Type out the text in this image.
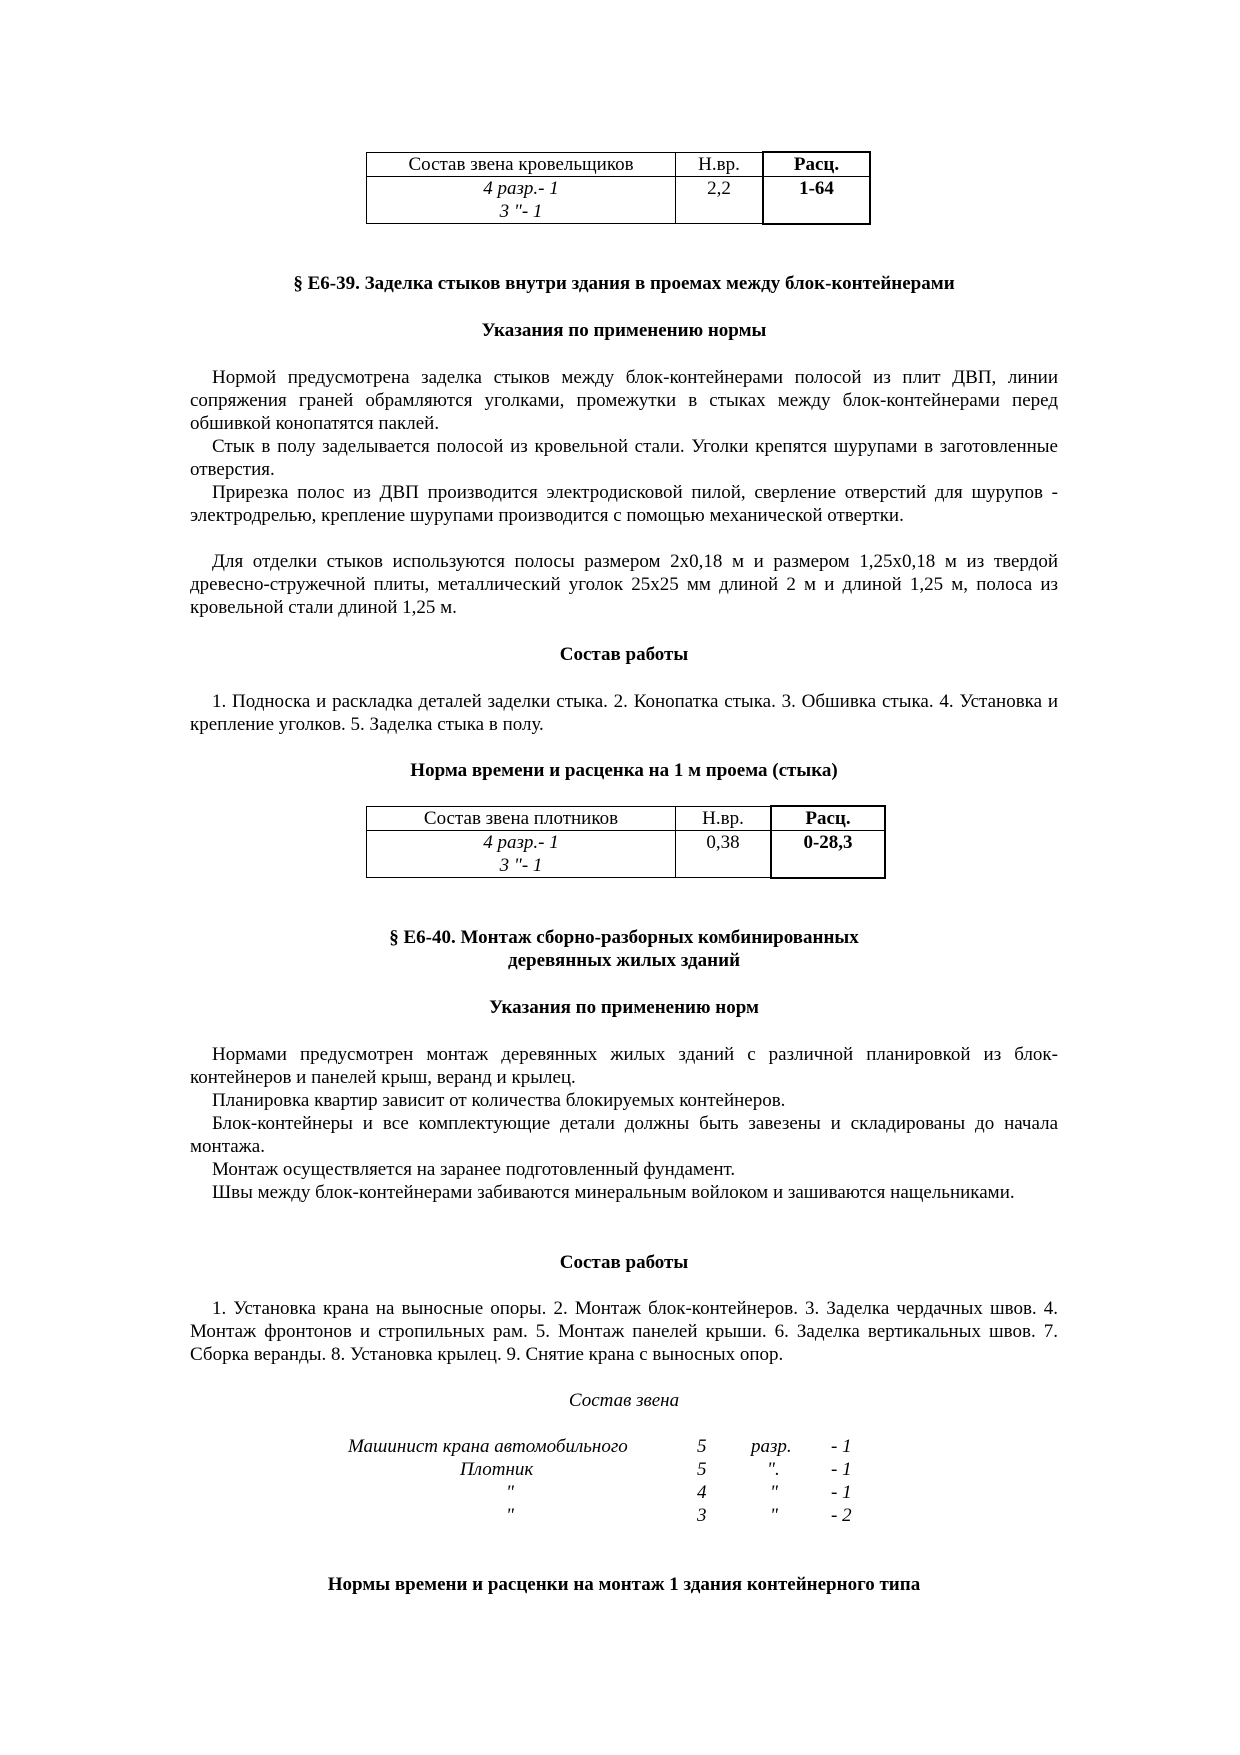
Состав звена кровельщиков	Н.вр.	Расц.

4 разр.- 1
3 "- 1	2,2	1-64
§ Е6-39. Заделка стыков внутри здания в проемах между блок-контейнерами
Указания по применению нормы
Нормой предусмотрена заделка стыков между блок-контейнерами полосой из плит ДВП, линии сопряжения граней обрамляются уголками, промежутки в стыках между блок-контейнерами перед обшивкой конопатятся паклей.
Стык в полу заделывается полосой из кровельной стали. Уголки крепятся шурупами в заготовленные отверстия.
Прирезка полос из ДВП производится электродисковой пилой, сверление отверстий для шурупов - электродрелью, крепление шурупами производится с помощью механической отвертки.
Для отделки стыков используются полосы размером 2х0,18 м и размером 1,25х0,18 м из твердой древесно-стружечной плиты, металлический уголок 25х25 мм длиной 2 м и длиной 1,25 м, полоса из кровельной стали длиной 1,25 м.
Состав работы
1. Подноска и раскладка деталей заделки стыка. 2. Конопатка стыка. 3. Обшивка стыка. 4. Установка и крепление уголков. 5. Заделка стыка в полу.
Норма времени и расценка на 1 м проема (стыка)
Состав звена плотников	Н.вр.	Расц.

4 разр.- 1
3 "- 1	0,38	0-28,3
§ Е6-40. Монтаж сборно-разборных комбинированных
деревянных жилых зданий
Указания по применению норм
Нормами предусмотрен монтаж деревянных жилых зданий с различной планировкой из блок-контейнеров и панелей крыш, веранд и крылец.
Планировка квартир зависит от количества блокируемых контейнеров.
Блок-контейнеры и все комплектующие детали должны быть завезены и складированы до начала монтажа.
Монтаж осуществляется на заранее подготовленный фундамент.
Швы между блок-контейнерами забиваются минеральным войлоком и зашиваются нащельниками.
Состав работы
1. Установка крана на выносные опоры. 2. Монтаж блок-контейнеров. 3. Заделка чердачных швов. 4. Монтаж фронтонов и стропильных рам. 5. Монтаж панелей крыши. 6. Заделка вертикальных швов. 7. Сборка веранды. 8. Установка крылец. 9. Снятие крана с выносных опор.
Состав звена
Машинист крана автомобильного	5 разр. - 1
Плотник	5	".	- 1
"	4	"	- 1
"	3	"	- 2
Нормы времени и расценки на монтаж 1 здания контейнерного типа
